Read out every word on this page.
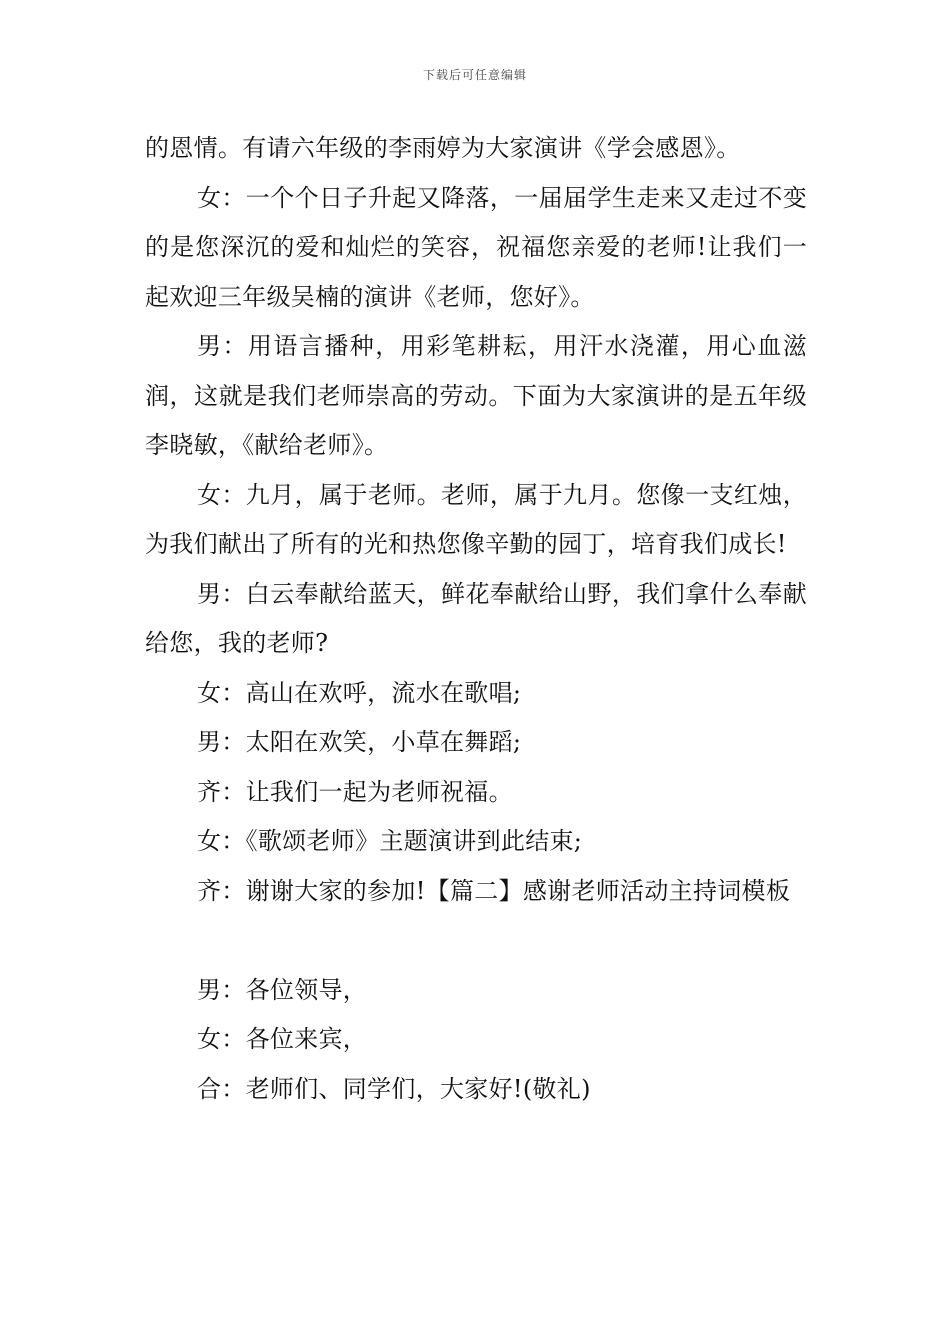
下载后可任意编辑

的恩情。有请六年级的李雨婷为大家演讲《学会感恩》。

女：一个个日子升起又降落，一届届学生走来又走过不变的是您深沉的爱和灿烂的笑容，祝福您亲爱的老师!让我们一起欢迎三年级吴楠的演讲《老师，您好》。

男：用语言播种，用彩笔耕耘，用汗水浇灌，用心血滋润，这就是我们老师崇高的劳动。下面为大家演讲的是五年级李晓敏，《献给老师》。

女：九月，属于老师。老师，属于九月。您像一支红烛，为我们献出了所有的光和热您像辛勤的园丁，培育我们成长!

男：白云奉献给蓝天，鲜花奉献给山野，我们拿什么奉献给您，我的老师?

女：高山在欢呼，流水在歌唱;

男：太阳在欢笑，小草在舞蹈;

齐：让我们一起为老师祝福。

女：《歌颂老师》主题演讲到此结束;

齐：谢谢大家的参加!【篇二】感谢老师活动主持词模板

男：各位领导，

女：各位来宾，

合：老师们、同学们，大家好!(敬礼)
